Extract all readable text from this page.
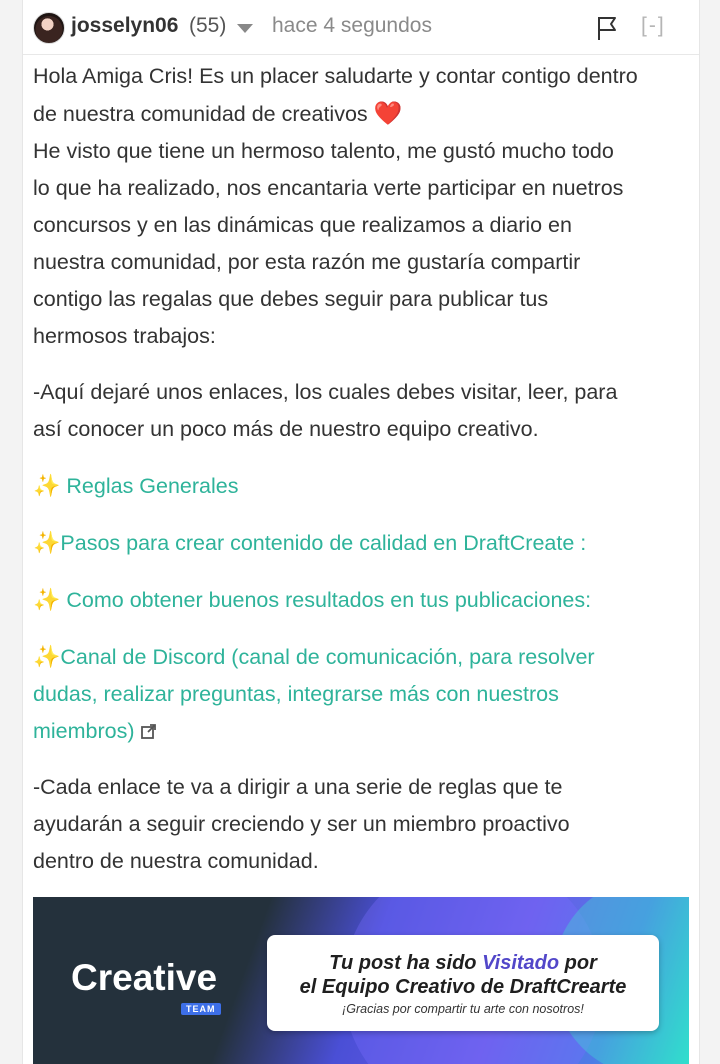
josselyn06 (55) hace 4 segundos	[-]

Hola Amiga Cris! Es un placer saludarte y contar contigo dentro
de nuestra comunidad de creativos ❤️
He visto que tiene un hermoso talento, me gustó mucho todo
lo que ha realizado, nos encantaria verte participar en nuetros
concursos y en las dinámicas que realizamos a diario en
nuestra comunidad, por esta razón me gustaría compartir
contigo las regalas que debes seguir para publicar tus
hermosos trabajos:

-Aquí dejaré unos enlaces, los cuales debes visitar, leer, para
así conocer un poco más de nuestro equipo creativo.

✨ Reglas Generales

✨Pasos para crear contenido de calidad en DraftCreate :

✨ Como obtener buenos resultados en tus publicaciones:

✨Canal de Discord (canal de comunicación, para resolver
dudas, realizar preguntas, integrarse más con nuestros
miembros)

-Cada enlace te va a dirigir a una serie de reglas que te
ayudarán a seguir creciendo y ser un miembro proactivo
dentro de nuestra comunidad.

Creative
TEAM

Tu post ha sido Visitado por

el Equipo Creativo de DraftCrearte

¡Gracias por compartir tu arte con nosotros!
